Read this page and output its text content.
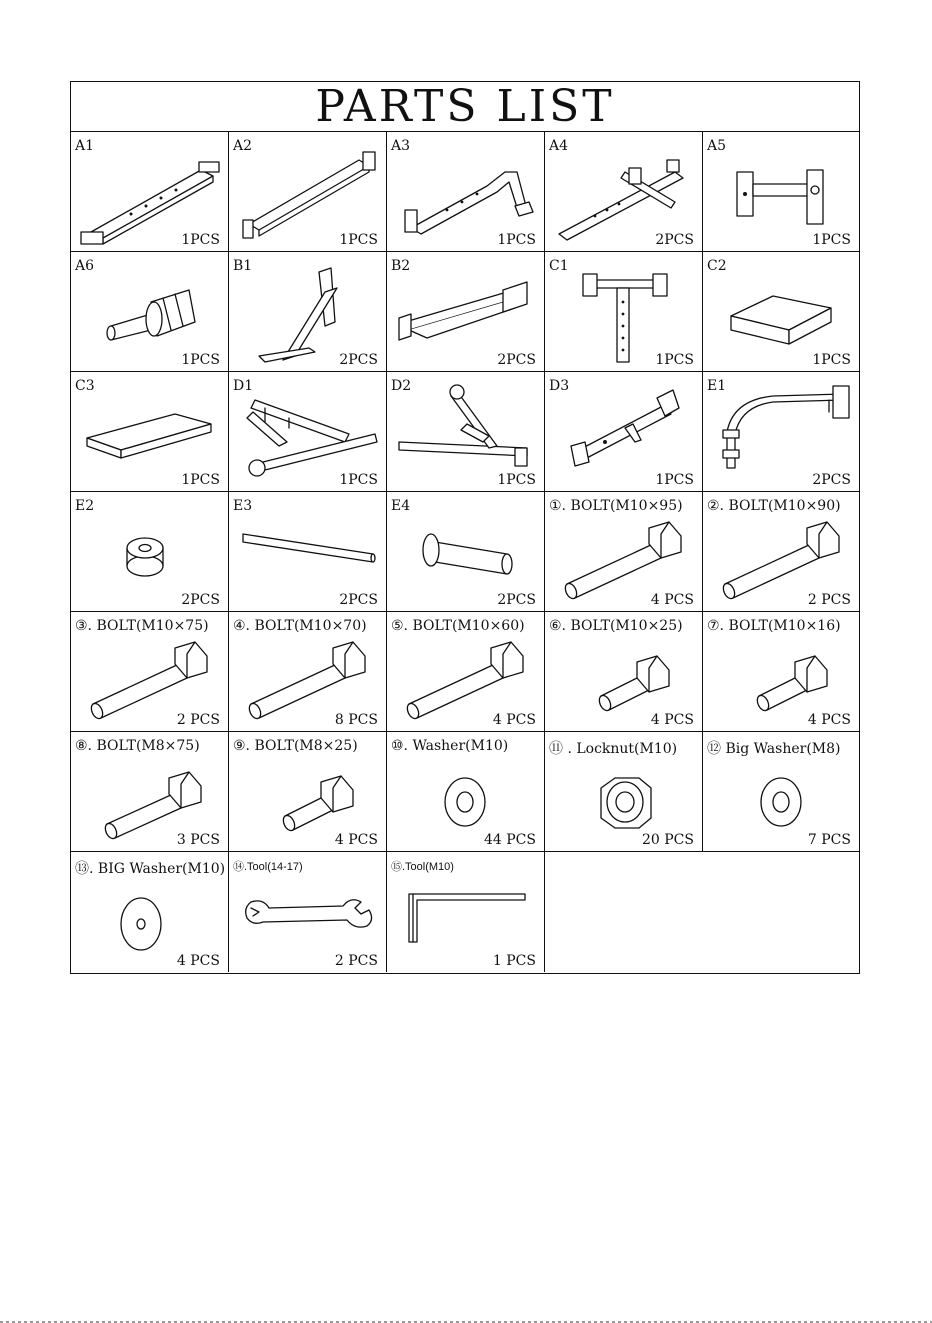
PARTS LIST
A1
1PCS
A2
1PCS
A3
1PCS
A4
2PCS
A5
1PCS
A6
1PCS
B1
2PCS
B2
2PCS
C1
1PCS
C2
1PCS
C3
1PCS
D1
1PCS
D2
1PCS
D3
1PCS
E1
2PCS
E2
2PCS
E3
2PCS
E4
2PCS
①. BOLT(M10×95)
4 PCS
②. BOLT(M10×90)
2 PCS
③. BOLT(M10×75)
2 PCS
④. BOLT(M10×70)
8 PCS
⑤. BOLT(M10×60)
4 PCS
⑥. BOLT(M10×25)
4 PCS
⑦. BOLT(M10×16)
4 PCS
⑧. BOLT(M8×75)
3 PCS
⑨. BOLT(M8×25)
4 PCS
⑩. Washer(M10)
44 PCS
⑪ . Locknut(M10)
20 PCS
⑫ Big Washer(M8)
7 PCS
⑬. BIG Washer(M10)
4 PCS
⑭.Tool(14-17)
2 PCS
⑮.Tool(M10)
1 PCS
